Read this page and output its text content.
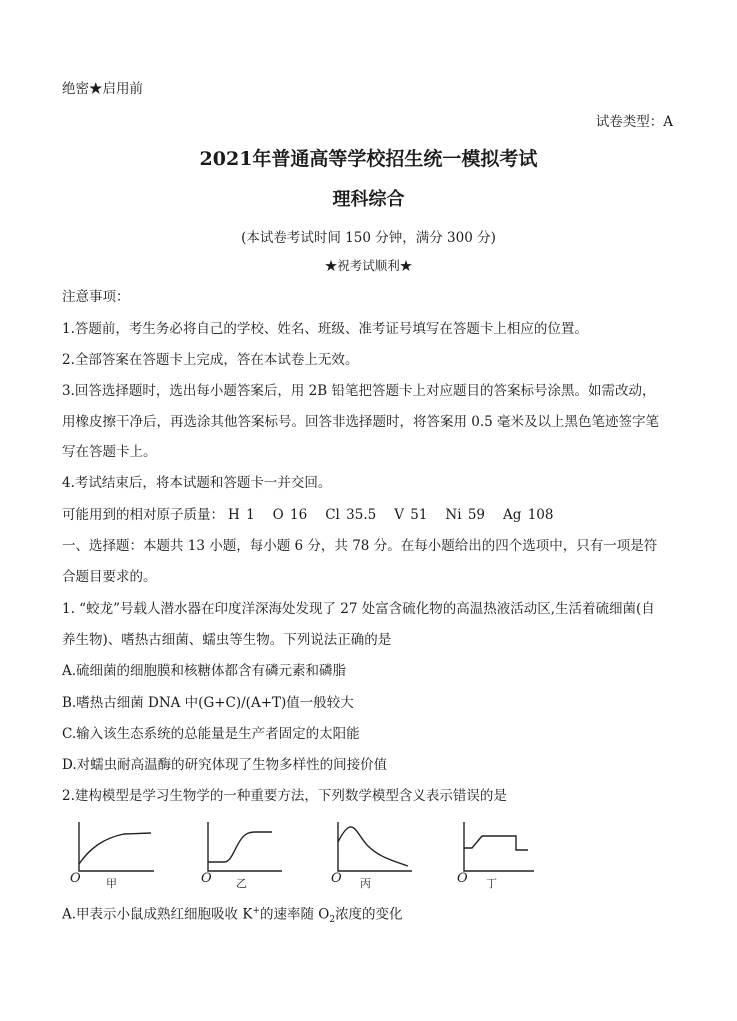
绝密★启用前
试卷类型：A
2021年普通高等学校招生统一模拟考试
理科综合
(本试卷考试时间 150 分钟，满分 300 分)
★祝考试顺利★
注意事项：
1.答题前，考生务必将自己的学校、姓名、班级、准考证号填写在答题卡上相应的位置。
2.全部答案在答题卡上完成，答在本试卷上无效。
3.回答选择题时，选出每小题答案后，用 2B 铅笔把答题卡上对应题目的答案标号涂黑。如需改动，
用橡皮擦干净后，再选涂其他答案标号。回答非选择题时，将答案用 0.5 毫米及以上黑色笔迹签字笔
写在答题卡上。
4.考试结束后，将本试题和答题卡一并交回。
可能用到的相对原子质量： H 1 O 16 Cl 35.5 V 51 Ni 59 Ag 108
一、选择题：本题共 13 小题，每小题 6 分，共 78 分。在每小题给出的四个选项中，只有一项是符
合题目要求的。
1. “蛟龙”号载人潜水器在印度洋深海处发现了 27 处富含硫化物的高温热液活动区,生活着硫细菌(自
养生物)、嗜热古细菌、蠕虫等生物。下列说法正确的是
A.硫细菌的细胞膜和核糖体都含有磷元素和磷脂
B.嗜热古细菌 DNA 中(G+C)/(A+T)值一般较大
C.输入该生态系统的总能量是生产者固定的太阳能
D.对蠕虫耐高温酶的研究体现了生物多样性的间接价值
2.建构模型是学习生物学的一种重要方法，下列数学模型含义表示错误的是
O 甲	O 乙	O 丙	O 丁
A.甲表示小鼠成熟红细胞吸收 K+的速率随 $O_2$浓度的变化
